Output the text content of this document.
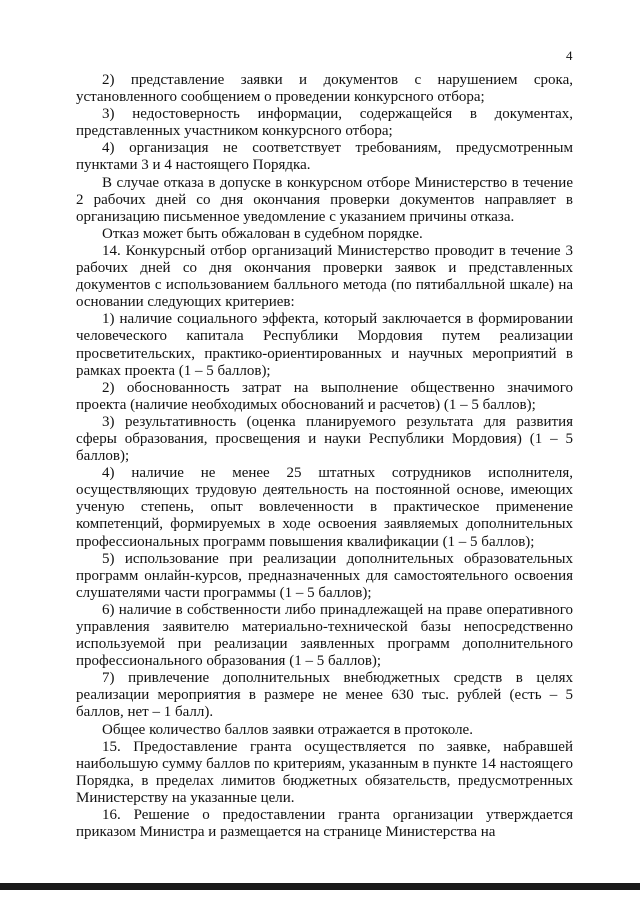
4

2) представление заявки и документов с нарушением срока, установленного сообщением о проведении конкурсного отбора;

3) недостоверность информации, содержащейся в документах, представленных участником конкурсного отбора;

4) организация не соответствует требованиям, предусмотренным пунктами 3 и 4 настоящего Порядка.

В случае отказа в допуске в конкурсном отборе Министерство в течение 2 рабочих дней со дня окончания проверки документов направляет в организацию письменное уведомление с указанием причины отказа.

Отказ может быть обжалован в судебном порядке.

14. Конкурсный отбор организаций Министерство проводит в течение 3 рабочих дней со дня окончания проверки заявок и представленных документов с использованием балльного метода (по пятибалльной шкале) на основании следующих критериев:

1) наличие социального эффекта, который заключается в формировании человеческого капитала Республики Мордовия путем реализации просветительских, практико-ориентированных и научных мероприятий в рамках проекта (1 – 5 баллов);

2) обоснованность затрат на выполнение общественно значимого проекта (наличие необходимых обоснований и расчетов) (1 – 5 баллов);

3) результативность (оценка планируемого результата для развития сферы образования, просвещения и науки Республики Мордовия) (1 – 5 баллов);

4) наличие не менее 25 штатных сотрудников исполнителя, осуществляющих трудовую деятельность на постоянной основе, имеющих ученую степень, опыт вовлеченности в практическое применение компетенций, формируемых в ходе освоения заявляемых дополнительных профессиональных программ повышения квалификации (1 – 5 баллов);

5) использование при реализации дополнительных образовательных программ онлайн-курсов, предназначенных для самостоятельного освоения слушателями части программы (1 – 5 баллов);

6) наличие в собственности либо принадлежащей на праве оперативного управления заявителю материально-технической базы непосредственно используемой при реализации заявленных программ дополнительного профессионального образования (1 – 5 баллов);

7) привлечение дополнительных внебюджетных средств в целях реализации мероприятия в размере не менее 630 тыс. рублей (есть – 5 баллов, нет – 1 балл).

Общее количество баллов заявки отражается в протоколе.

15. Предоставление гранта осуществляется по заявке, набравшей наибольшую сумму баллов по критериям, указанным в пункте 14 настоящего Порядка, в пределах лимитов бюджетных обязательств, предусмотренных Министерству на указанные цели.

16. Решение о предоставлении гранта организации утверждается приказом Министра и размещается на странице Министерства на
